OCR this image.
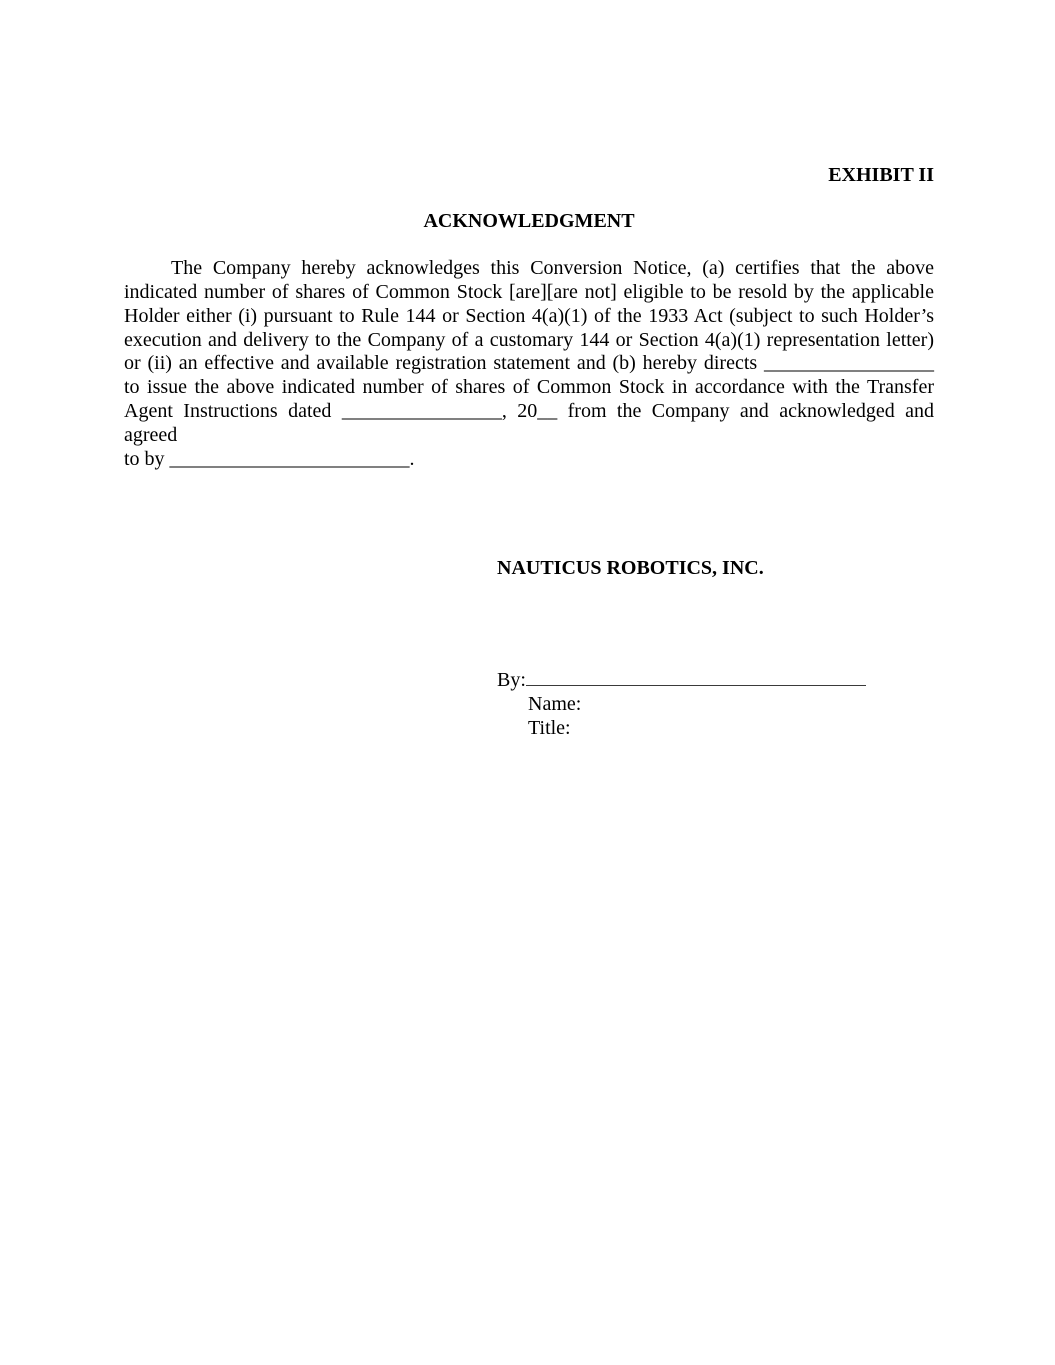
EXHIBIT II
ACKNOWLEDGMENT
The Company hereby acknowledges this Conversion Notice, (a) certifies that the above
indicated number of shares of Common Stock [are][are not] eligible to be resold by the applicable
Holder either (i) pursuant to Rule 144 or Section 4(a)(1) of the 1933 Act (subject to such Holder’s
execution and delivery to the Company of a customary 144 or Section 4(a)(1) representation letter)
or (ii) an effective and available registration statement and (b) hereby directs _________________
to issue the above indicated number of shares of Common Stock in accordance with the Transfer
Agent Instructions dated ________________, 20__ from the Company and acknowledged and agreed
to by ________________________.
NAUTICUS ROBOTICS, INC.
By:
Name:
Title:
